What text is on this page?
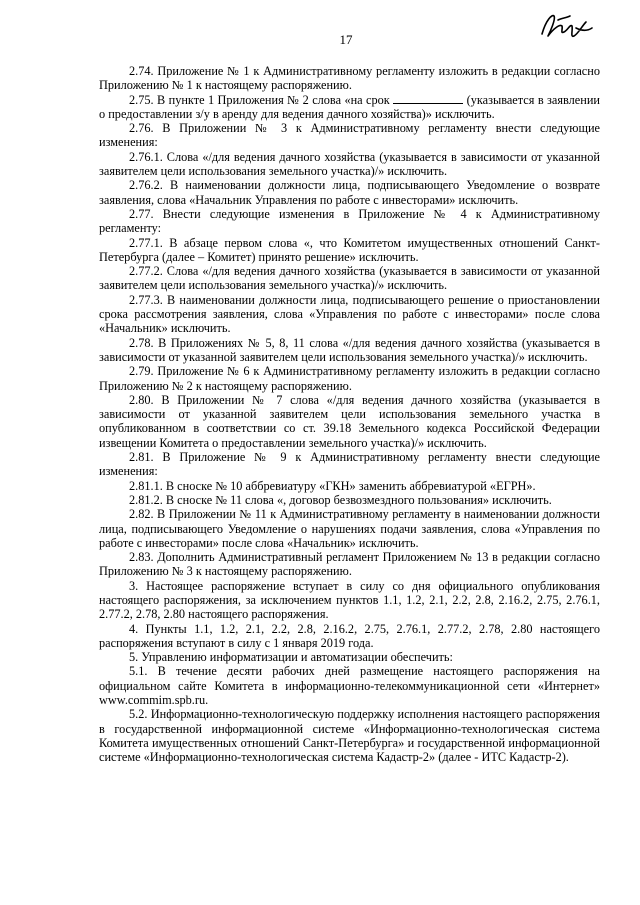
17

2.74. Приложение № 1 к Административному регламенту изложить в редакции согласно Приложению № 1 к настоящему распоряжению.

2.75. В пункте 1 Приложения № 2 слова «на срок	(указывается в заявлении о предоставлении з/у в аренду для ведения дачного хозяйства)» исключить.

2.76. В Приложении № 3 к Административному регламенту внести следующие изменения:

2.76.1. Слова «/для ведения дачного хозяйства (указывается в зависимости от указанной заявителем цели использования земельного участка)/» исключить.

2.76.2. В наименовании должности лица, подписывающего Уведомление о возврате заявления, слова «Начальник Управления по работе с инвесторами» исключить.

2.77. Внести следующие изменения в Приложение № 4 к Административному регламенту:

2.77.1. В абзаце первом слова «, что Комитетом имущественных отношений Санкт-Петербурга (далее – Комитет) принято решение» исключить.

2.77.2. Слова «/для ведения дачного хозяйства (указывается в зависимости от указанной заявителем цели использования земельного участка)/» исключить.

2.77.3. В наименовании должности лица, подписывающего решение о приостановлении срока рассмотрения заявления, слова «Управления по работе с инвесторами» после слова «Начальник» исключить.

2.78. В Приложениях № 5, 8, 11 слова «/для ведения дачного хозяйства (указывается в зависимости от указанной заявителем цели использования земельного участка)/» исключить.

2.79. Приложение № 6 к Административному регламенту изложить в редакции согласно Приложению № 2 к настоящему распоряжению.

2.80. В Приложении № 7 слова «/для ведения дачного хозяйства (указывается в зависимости от указанной заявителем цели использования земельного участка в опубликованном в соответствии со ст. 39.18 Земельного кодекса Российской Федерации извещении Комитета о предоставлении земельного участка)/» исключить.

2.81. В Приложение № 9 к Административному регламенту внести следующие изменения:

2.81.1. В сноске № 10 аббревиатуру «ГКН» заменить аббревиатурой «ЕГРН».

2.81.2. В сноске № 11 слова «, договор безвозмездного пользования» исключить.

2.82. В Приложении № 11 к Административному регламенту в наименовании должности лица, подписывающего Уведомление о нарушениях подачи заявления, слова «Управления по работе с инвесторами» после слова «Начальник» исключить.

2.83. Дополнить Административный регламент Приложением № 13 в редакции согласно Приложению № 3 к настоящему распоряжению.

3. Настоящее распоряжение вступает в силу со дня официального опубликования настоящего распоряжения, за исключением пунктов 1.1, 1.2, 2.1, 2.2, 2.8, 2.16.2, 2.75, 2.76.1, 2.77.2, 2.78, 2.80 настоящего распоряжения.

4. Пункты 1.1, 1.2, 2.1, 2.2, 2.8, 2.16.2, 2.75, 2.76.1, 2.77.2, 2.78, 2.80 настоящего распоряжения вступают в силу с 1 января 2019 года.

5. Управлению информатизации и автоматизации обеспечить:

5.1. В течение десяти рабочих дней размещение настоящего распоряжения на официальном сайте Комитета в информационно-телекоммуникационной сети «Интернет» www.commim.spb.ru.

5.2. Информационно-технологическую поддержку исполнения настоящего распоряжения в государственной информационной системе «Информационно-технологическая система Комитета имущественных отношений Санкт-Петербурга» и государственной информационной системе «Информационно-технологическая система Кадастр-2» (далее - ИТС Кадастр-2).
